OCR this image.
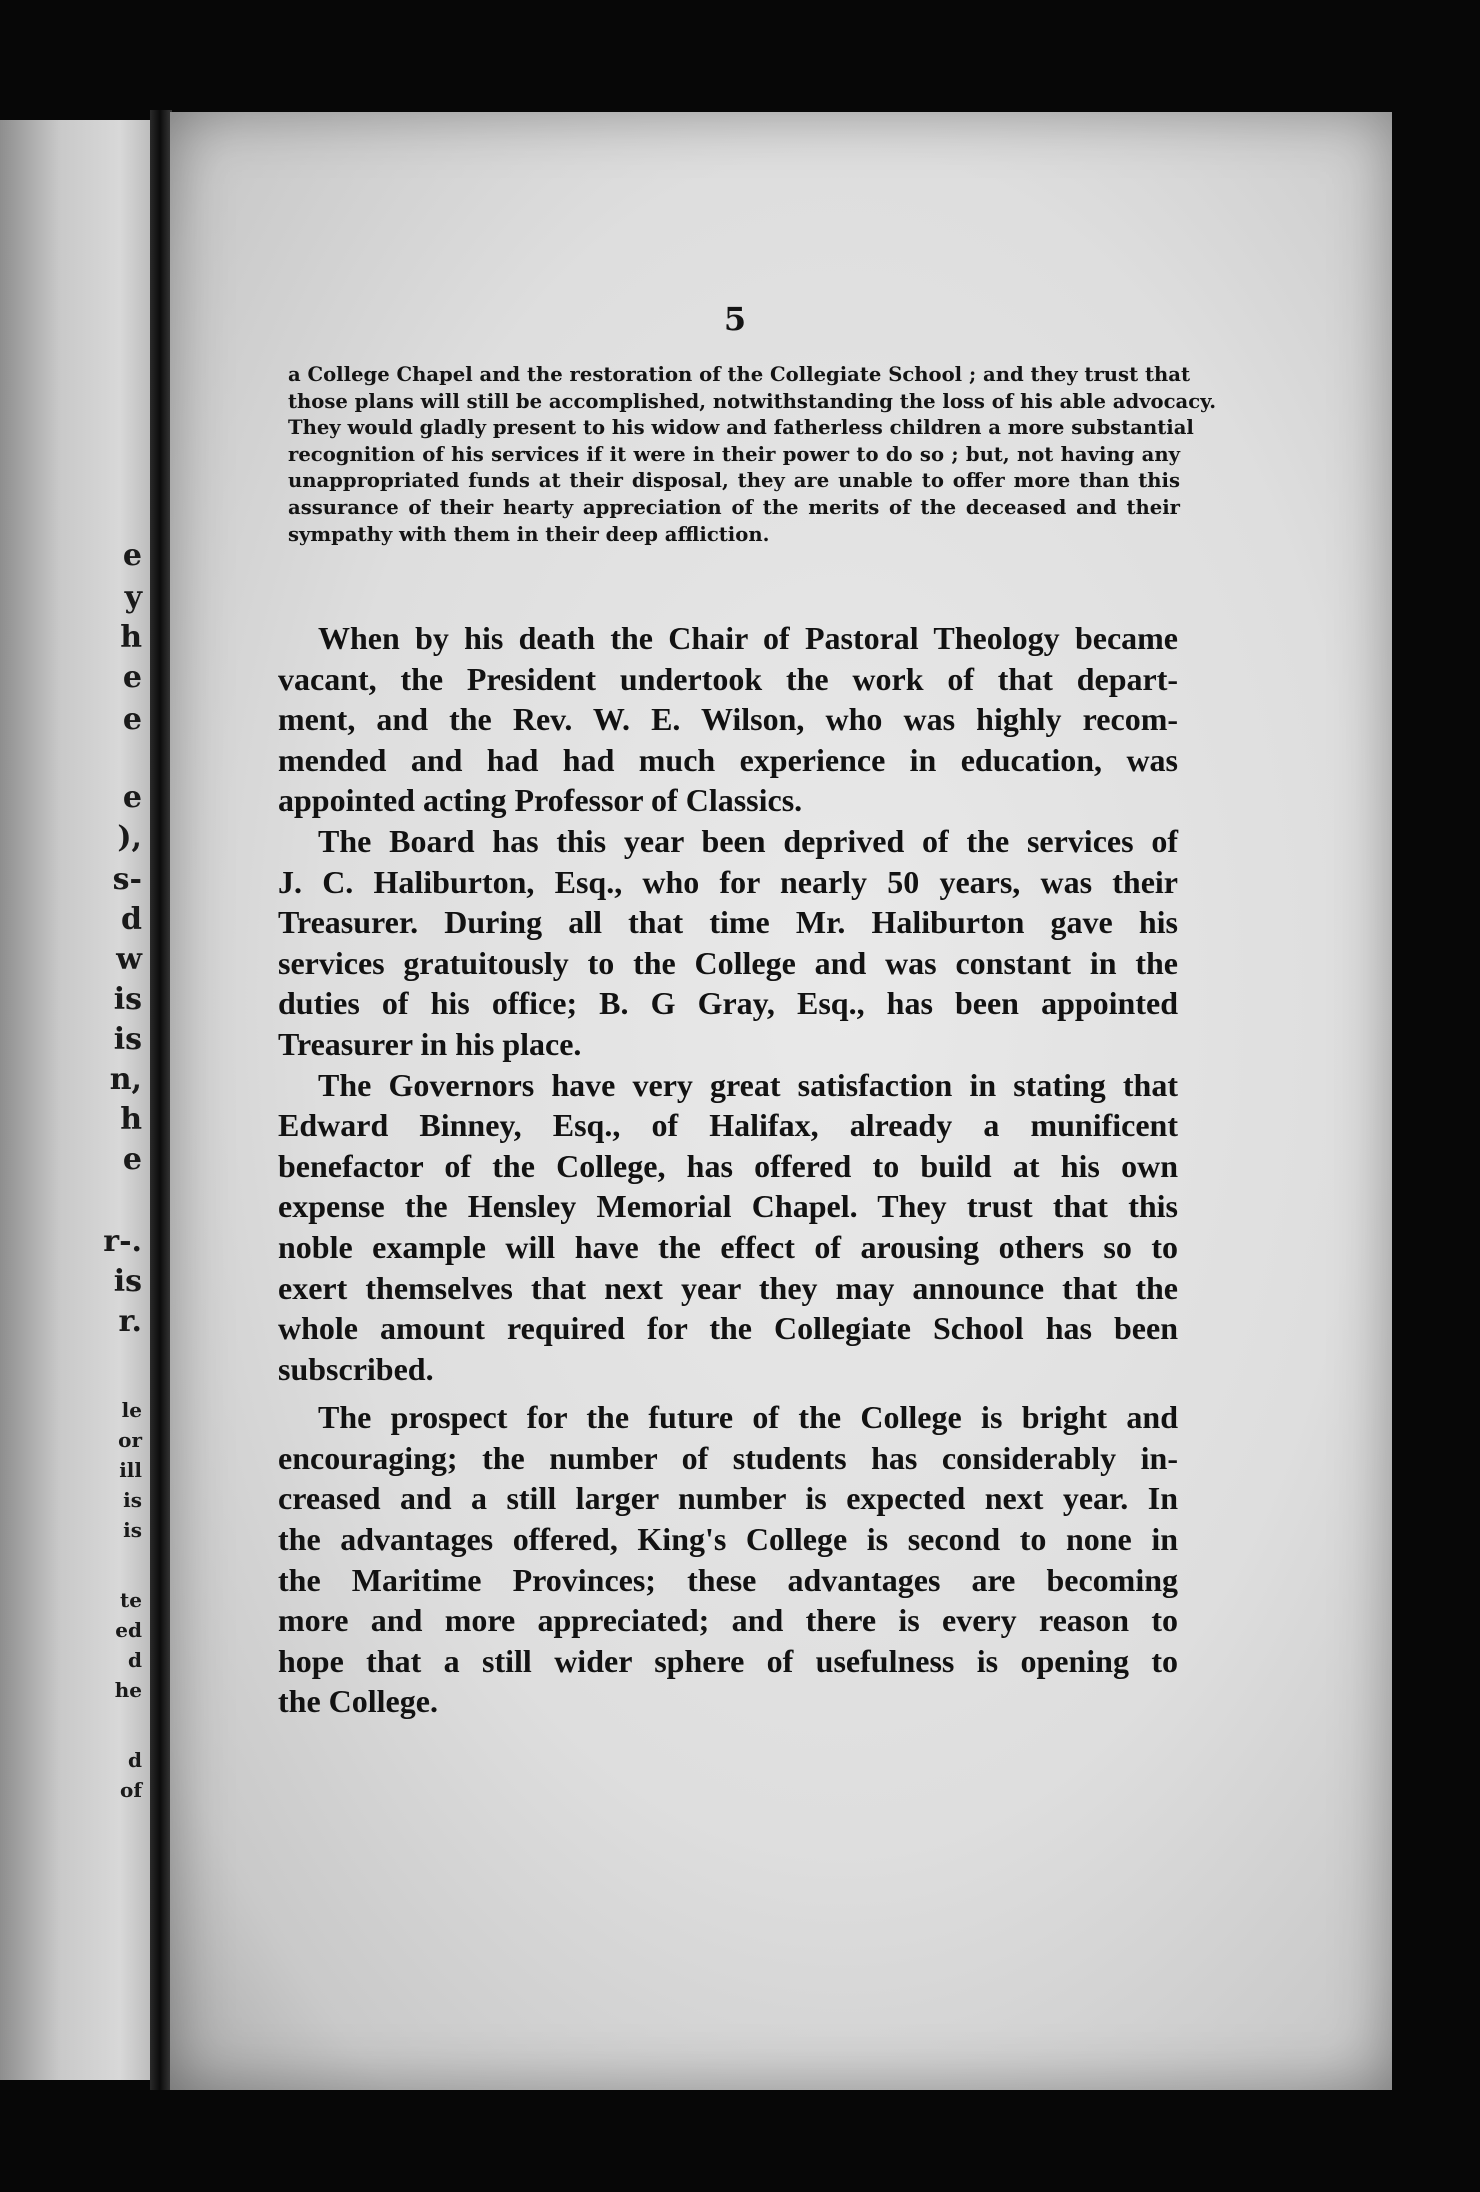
e
y
h
e
e
e
),
s-
d
w
is
is
n,
h
e
r-.
is
r.
le
or
ill
is
is
te
ed
d
he
d
of
5
a College Chapel and the restoration of the Collegiate School ; and they trust that
those plans will still be accomplished, notwithstanding the loss of his able advocacy.
They would gladly present to his widow and fatherless children a more substantial
recognition of his services if it were in their power to do so ; but, not having any
unappropriated funds at their disposal, they are unable to offer more than this
assurance of their hearty appreciation of the merits of the deceased and their
sympathy with them in their deep affliction.
When by his death the Chair of Pastoral Theology became
vacant, the President undertook the work of that depart-
ment, and the Rev. W. E. Wilson, who was highly recom-
mended and had had much experience in education, was
appointed acting Professor of Classics.
The Board has this year been deprived of the services of
J. C. Haliburton, Esq., who for nearly 50 years, was their
Treasurer. During all that time Mr. Haliburton gave his
services gratuitously to the College and was constant in the
duties of his office; B. G Gray, Esq., has been appointed
Treasurer in his place.
The Governors have very great satisfaction in stating that
Edward Binney, Esq., of Halifax, already a munificent
benefactor of the College, has offered to build at his own
expense the Hensley Memorial Chapel. They trust that this
noble example will have the effect of arousing others so to
exert themselves that next year they may announce that the
whole amount required for the Collegiate School has been
subscribed.
The prospect for the future of the College is bright and
encouraging; the number of students has considerably in-
creased and a still larger number is expected next year. In
the advantages offered, King's College is second to none in
the Maritime Provinces; these advantages are becoming
more and more appreciated; and there is every reason to
hope that a still wider sphere of usefulness is opening to
the College.
